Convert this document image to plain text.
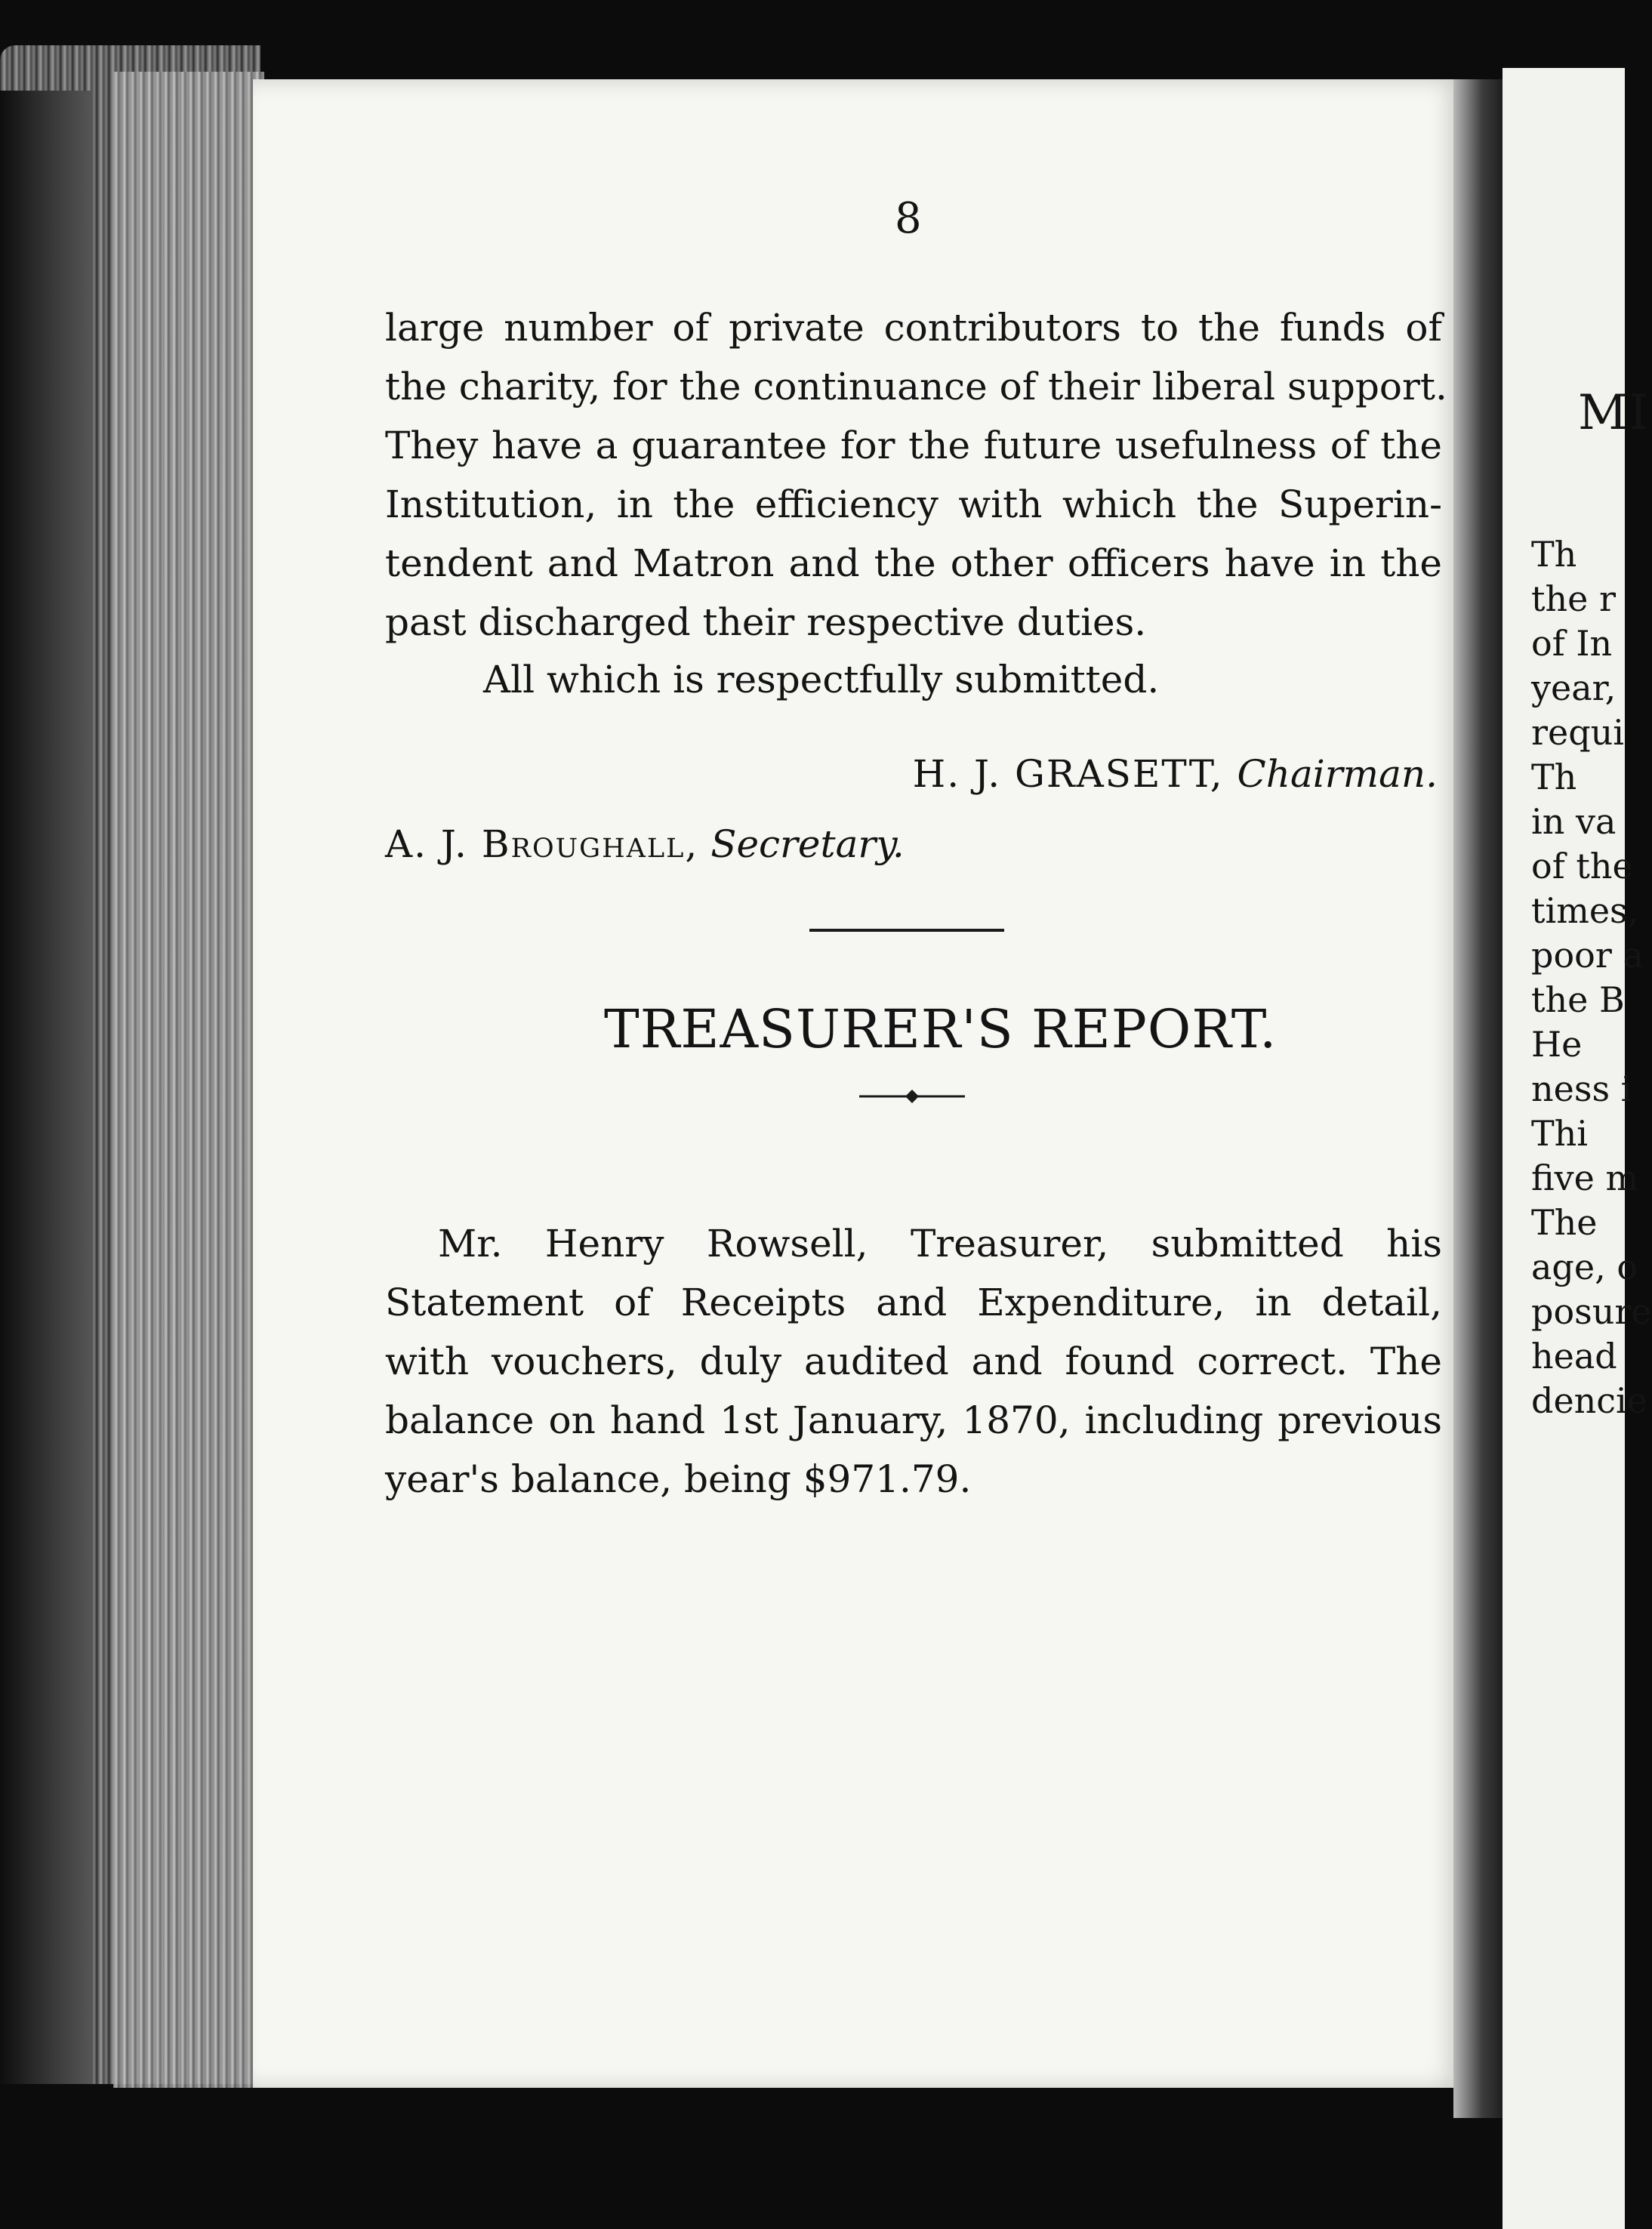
MI
Th
the r
of In
year,
requi
Th
in va
of the
times,
poor a
the B
He
ness i
Thi
five m
The
age, o
posure
head
dencie
8
large number of private contributors to the funds of
the charity, for the continuance of their liberal support.
They have a guarantee for the future usefulness of the
Institution, in the efficiency with which the Superin-
tendent and Matron and the other officers have in the
past discharged their respective duties.
All which is respectfully submitted.
H. J. GRASETT, Chairman.
A. J. Broughall, Secretary.
TREASURER'S REPORT.
Mr. Henry Rowsell, Treasurer, submitted his
Statement of Receipts and Expenditure, in detail,
with vouchers, duly audited and found correct. The
balance on hand 1st January, 1870, including previous
year's balance, being $971.79.
